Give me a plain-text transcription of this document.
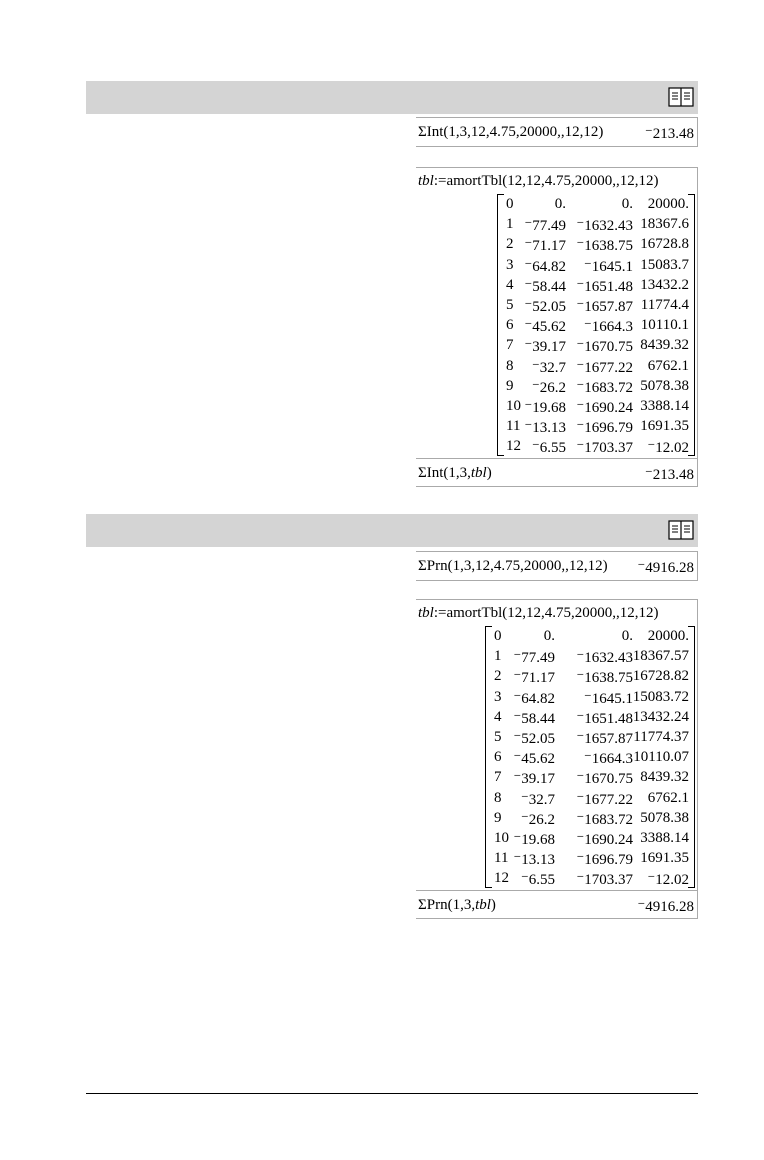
ΣInt(1,3,12,4.75,20000,,12,12)	⁻213.48
tbl:=amortTbl(12,12,4.75,20000,,12,12)
0	0.	0. 20000.
1 ⁻77.49 ⁻1632.43 18367.6
2 ⁻71.17 ⁻1638.75 16728.8
3 ⁻64.82 ⁻1645.1 15083.7
4 ⁻58.44 ⁻1651.48 13432.2
5 ⁻52.05 ⁻1657.87 11774.4
6 ⁻45.62 ⁻1664.3 10110.1
7 ⁻39.17 ⁻1670.75 8439.32
8 ⁻32.7 ⁻1677.22 6762.1
9 ⁻26.2 ⁻1683.72 5078.38
10 ⁻19.68 ⁻1690.24 3388.14
11 ⁻13.13 ⁻1696.79 1691.35
12 ⁻6.55 ⁻1703.37 ⁻12.02
ΣInt(1,3,tbl)	⁻213.48
ΣPrn(1,3,12,4.75,20000,,12,12) ⁻4916.28
tbl:=amortTbl(12,12,4.75,20000,,12,12)
0	0.	0. 20000.
1 ⁻77.49 ⁻1632.43 18367.57
2 ⁻71.17 ⁻1638.75 16728.82
3 ⁻64.82 ⁻1645.1 15083.72
4 ⁻58.44 ⁻1651.48 13432.24
5 ⁻52.05 ⁻1657.87 11774.37
6 ⁻45.62 ⁻1664.3 10110.07
7 ⁻39.17 ⁻1670.75 8439.32
8 ⁻32.7 ⁻1677.22 6762.1
9 ⁻26.2 ⁻1683.72 5078.38
10 ⁻19.68 ⁻1690.24 3388.14
11 ⁻13.13 ⁻1696.79 1691.35
12 ⁻6.55 ⁻1703.37 ⁻12.02
ΣPrn(1,3,tbl)	⁻4916.28
